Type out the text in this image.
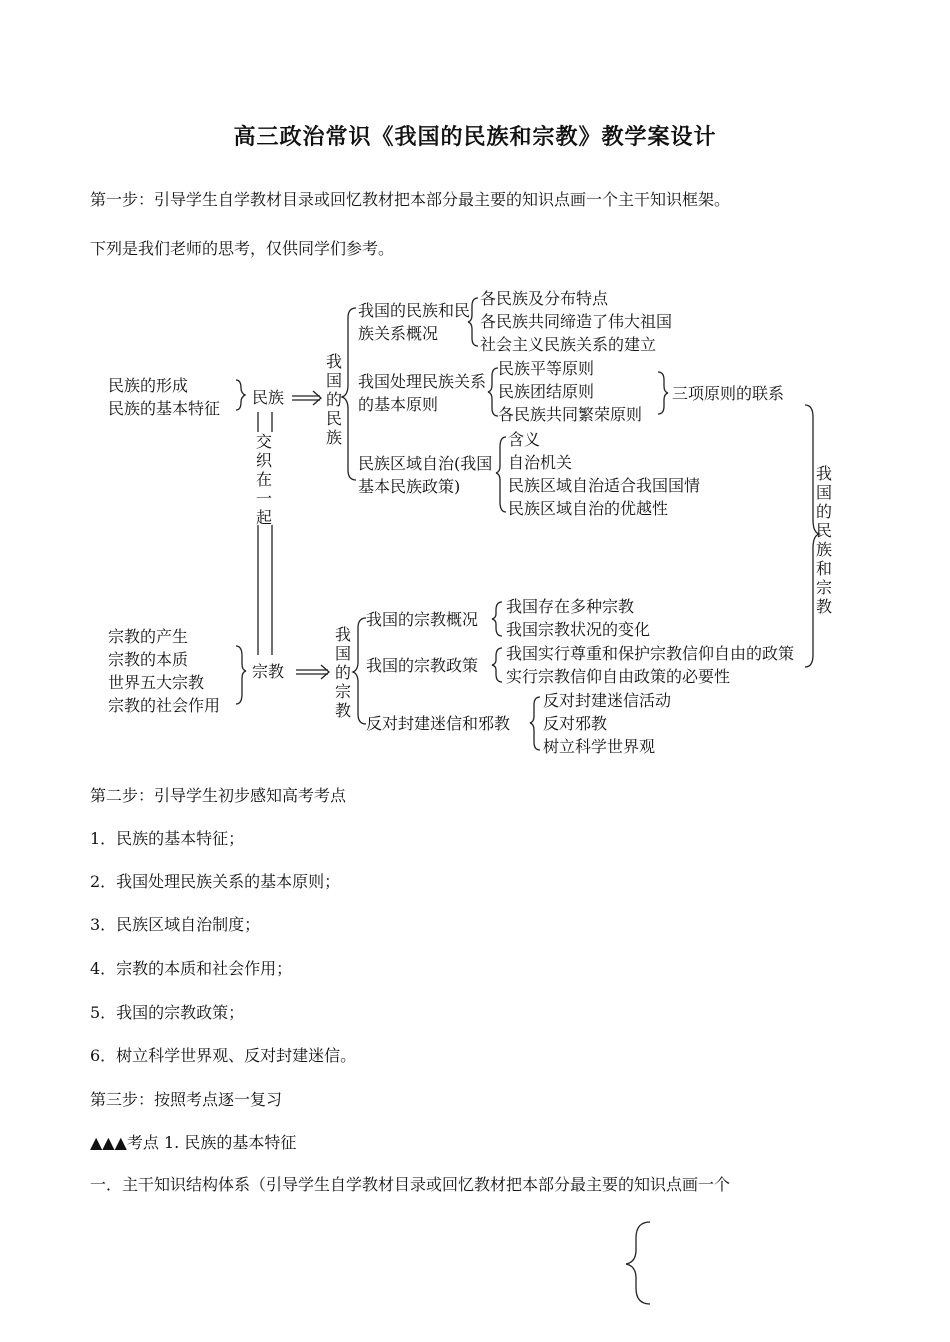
高三政治常识《我国的民族和宗教》教学案设计
第一步：引导学生自学教材目录或回忆教材把本部分最主要的知识点画一个主干知识框架。
下列是我们老师的思考，仅供同学们参考。
民族的形成
民族的基本特征
民族
交织在一起
我国的民族
我国的民族和民族关系概况
各民族及分布特点
各民族共同缔造了伟大祖国
社会主义民族关系的建立
我国处理民族关系的基本原则
民族平等原则
民族团结原则
各民族共同繁荣原则
三项原则的联系
民族区域自治(我国基本民族政策)
含义
自治机关
民族区域自治适合我国国情
民族区域自治的优越性
我国的民族和宗教
宗教的产生
宗教的本质
世界五大宗教
宗教的社会作用
宗教
我国的宗教
我国的宗教概况
我国存在多种宗教
我国宗教状况的变化
我国的宗教政策
我国实行尊重和保护宗教信仰自由的政策
实行宗教信仰自由政策的必要性
反对封建迷信和邪教
反对封建迷信活动
反对邪教
树立科学世界观
第二步：引导学生初步感知高考考点
1．民族的基本特征；
2．我国处理民族关系的基本原则；
3．民族区域自治制度；
4．宗教的本质和社会作用；
5．我国的宗教政策；
6．树立科学世界观、反对封建迷信。
第三步：按照考点逐一复习
▲▲▲考点 1. 民族的基本特征
一．主干知识结构体系（引导学生自学教材目录或回忆教材把本部分最主要的知识点画一个
